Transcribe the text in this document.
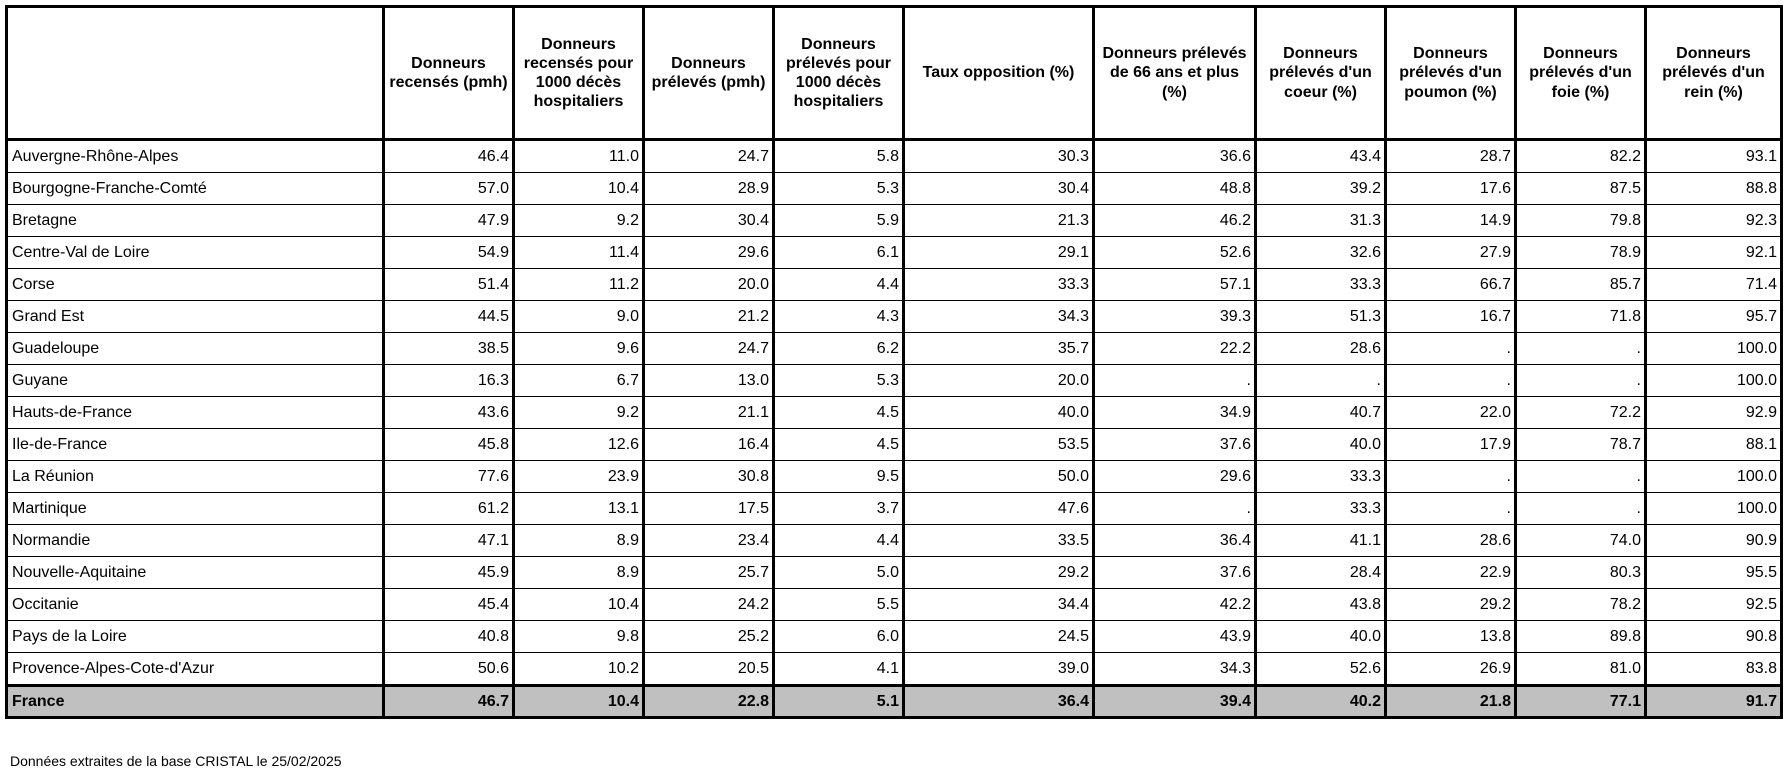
	Donneurs recensés (pmh)	Donneurs recensés pour 1000 décès hospitaliers	Donneurs prélevés (pmh)	Donneurs prélevés pour 1000 décès hospitaliers	Taux opposition (%)	Donneurs prélevés de 66 ans et plus (%)	Donneurs prélevés d'un coeur (%)	Donneurs prélevés d'un poumon (%)	Donneurs prélevés d'un foie (%)	Donneurs prélevés d'un rein (%)
Auvergne-Rhône-Alpes	46.4	11.0	24.7	5.8	30.3	36.6	43.4	28.7	82.2	93.1
Bourgogne-Franche-Comté	57.0	10.4	28.9	5.3	30.4	48.8	39.2	17.6	87.5	88.8
Bretagne	47.9	9.2	30.4	5.9	21.3	46.2	31.3	14.9	79.8	92.3
Centre-Val de Loire	54.9	11.4	29.6	6.1	29.1	52.6	32.6	27.9	78.9	92.1
Corse	51.4	11.2	20.0	4.4	33.3	57.1	33.3	66.7	85.7	71.4
Grand Est	44.5	9.0	21.2	4.3	34.3	39.3	51.3	16.7	71.8	95.7
Guadeloupe	38.5	9.6	24.7	6.2	35.7	22.2	28.6	.	.	100.0
Guyane	16.3	6.7	13.0	5.3	20.0	.	.	.	.	100.0
Hauts-de-France	43.6	9.2	21.1	4.5	40.0	34.9	40.7	22.0	72.2	92.9
Ile-de-France	45.8	12.6	16.4	4.5	53.5	37.6	40.0	17.9	78.7	88.1
La Réunion	77.6	23.9	30.8	9.5	50.0	29.6	33.3	.	.	100.0
Martinique	61.2	13.1	17.5	3.7	47.6	.	33.3	.	.	100.0
Normandie	47.1	8.9	23.4	4.4	33.5	36.4	41.1	28.6	74.0	90.9
Nouvelle-Aquitaine	45.9	8.9	25.7	5.0	29.2	37.6	28.4	22.9	80.3	95.5
Occitanie	45.4	10.4	24.2	5.5	34.4	42.2	43.8	29.2	78.2	92.5
Pays de la Loire	40.8	9.8	25.2	6.0	24.5	43.9	40.0	13.8	89.8	90.8
Provence-Alpes-Cote-d'Azur	50.6	10.2	20.5	4.1	39.0	34.3	52.6	26.9	81.0	83.8
France	46.7	10.4	22.8	5.1	36.4	39.4	40.2	21.8	77.1	91.7
Données extraites de la base CRISTAL le 25/02/2025
